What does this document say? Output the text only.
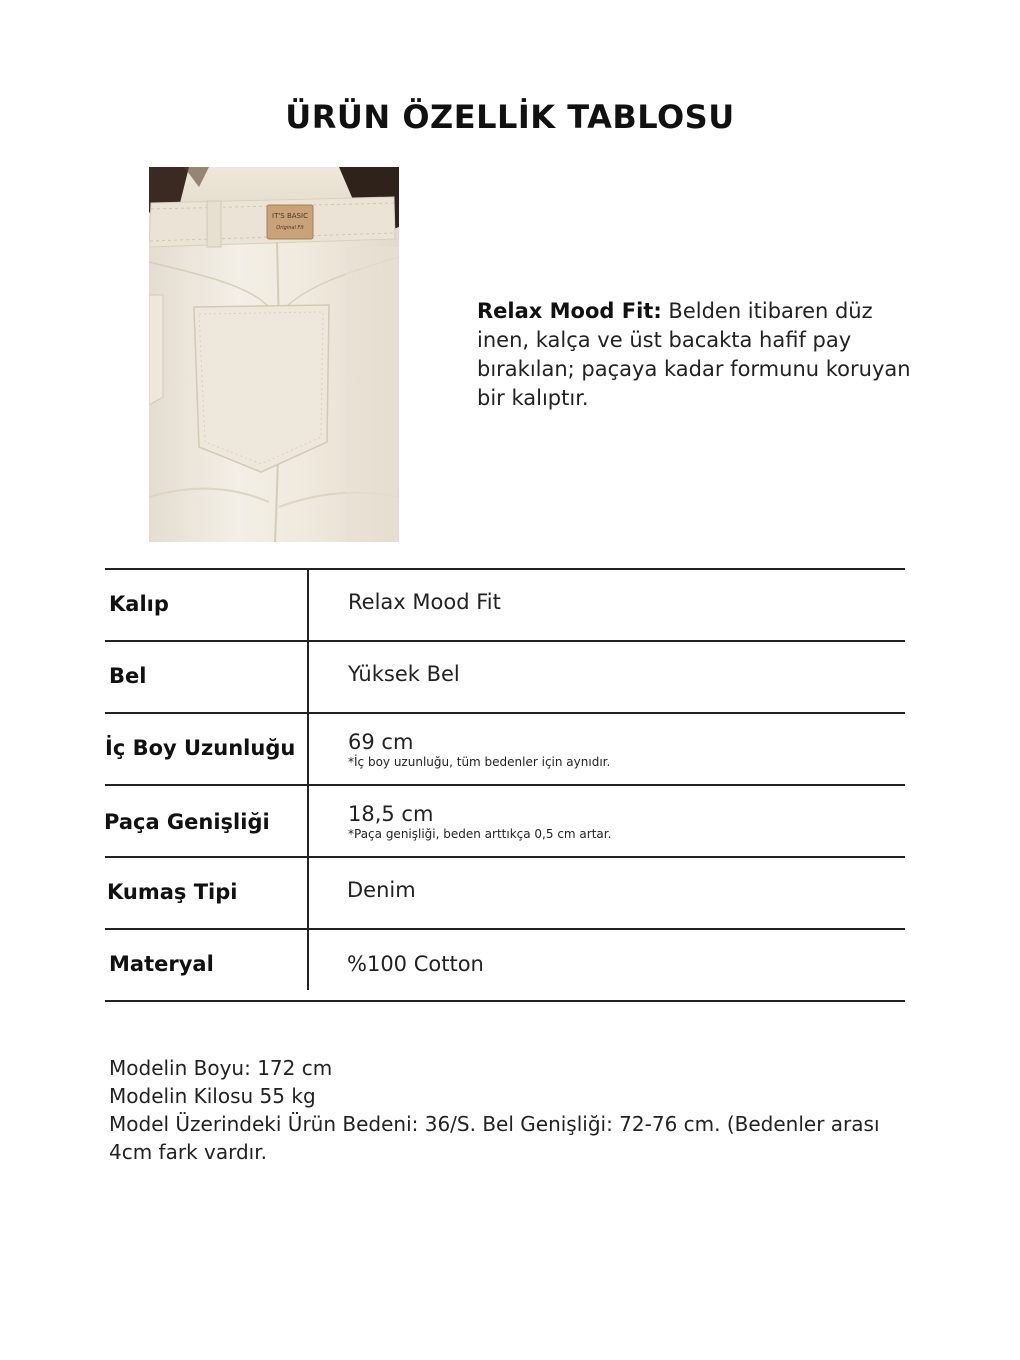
ÜRÜN ÖZELLİK TABLOSU
IT'S BASIC
Original Fit
Relax Mood Fit: Belden itibaren düz inen, kalça ve üst bacakta hafif pay bırakılan; paçaya kadar formunu koruyan bir kalıptır.
Kalıp	Relax Mood Fit
Bel	Yüksek Bel
İç Boy Uzunluğu	69 cm
*İç boy uzunluğu, tüm bedenler için aynıdır.
Paça Genişliği	18,5 cm
*Paça genişliği, beden arttıkça 0,5 cm artar.
Kumaş Tipi	Denim
Materyal	%100 Cotton
Modelin Boyu: 172 cm
Modelin Kilosu 55 kg
Model Üzerindeki Ürün Bedeni: 36/S. Bel Genişliği: 72-76 cm. (Bedenler arası 4cm fark vardır.
